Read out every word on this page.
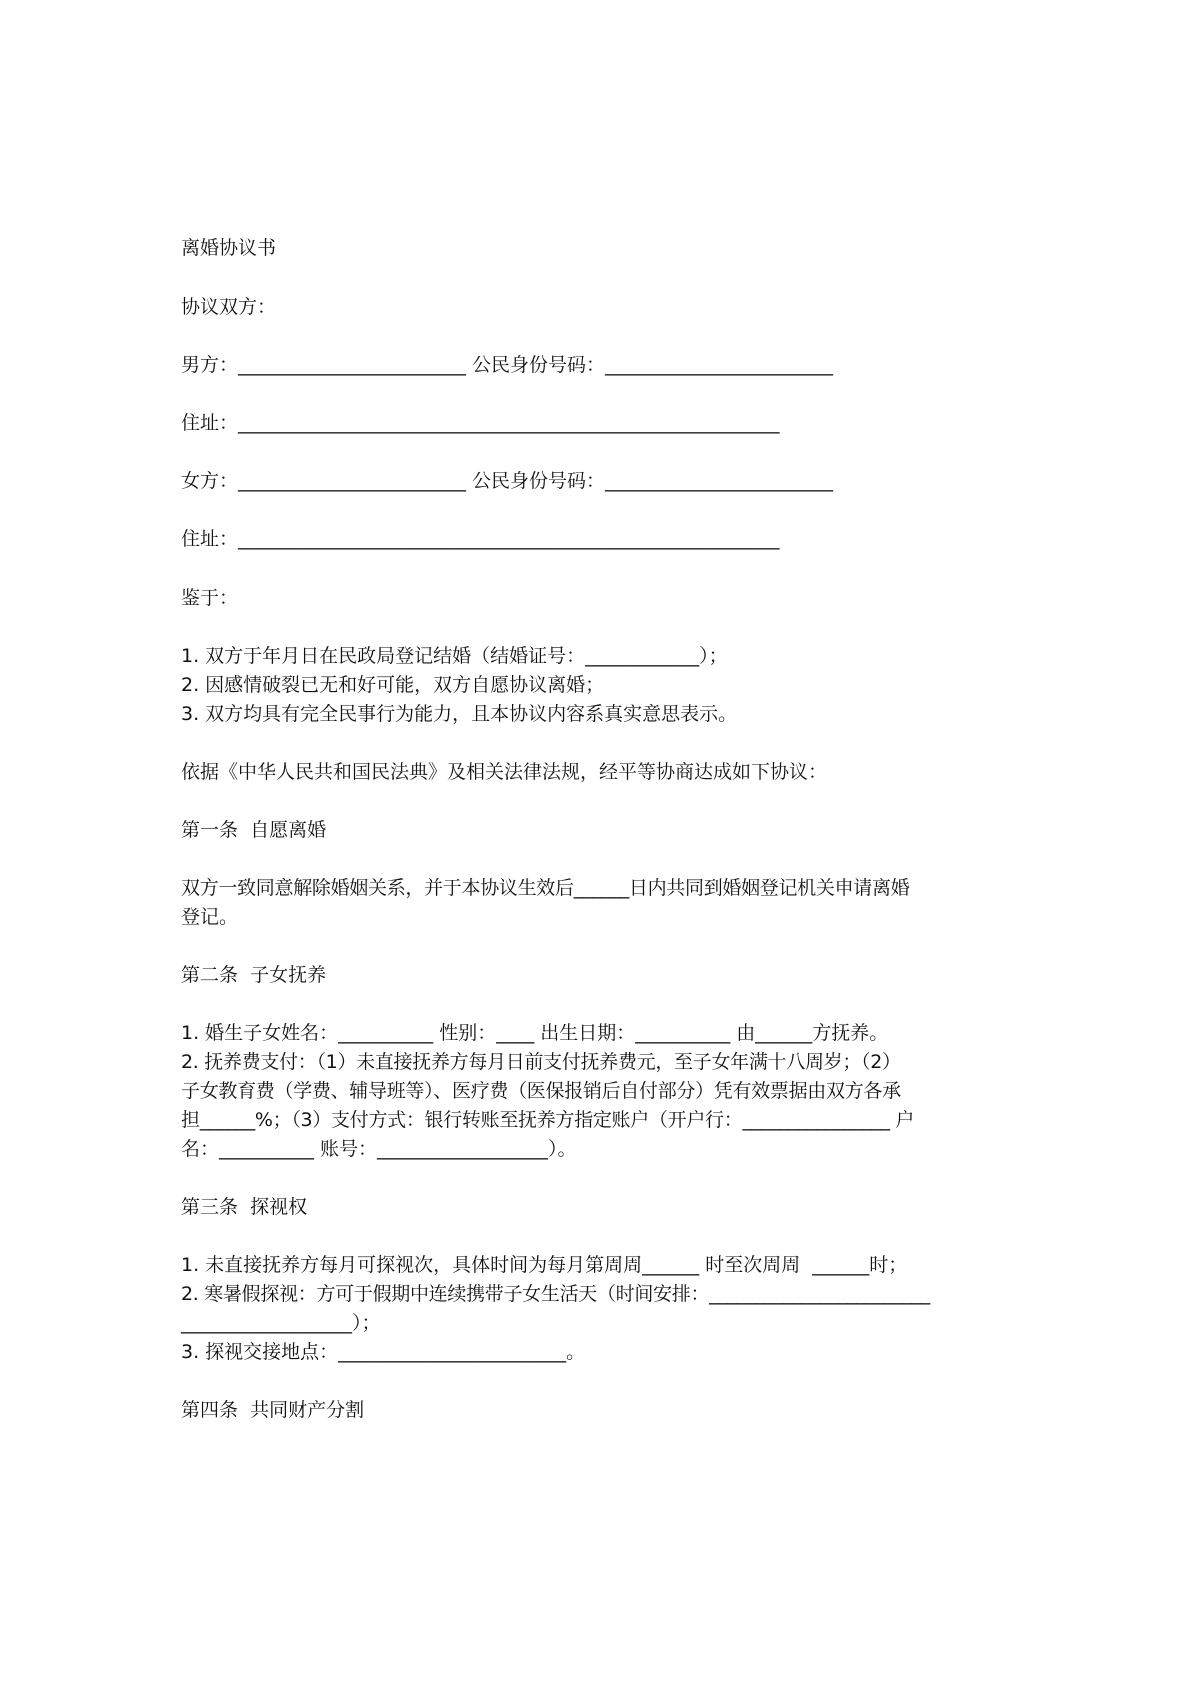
离婚协议书

协议双方：

男方：________________________ 公民身份号码：________________________

住址：_________________________________________________________

女方：________________________ 公民身份号码：________________________

住址：_________________________________________________________

鉴于：

1. 双方于年月日在民政局登记结婚（结婚证号：____________）；

2. 因感情破裂已无和好可能，双方自愿协议离婚；

3. 双方均具有完全民事行为能力，且本协议内容系真实意思表示。

依据《中华人民共和国民法典》及相关法律法规，经平等协商达成如下协议：

第一条  自愿离婚

双方一致同意解除婚姻关系，并于本协议生效后______日内共同到婚姻登记机关申请离婚

登记。

第二条  子女抚养

1. 婚生子女姓名：__________ 性别：____ 出生日期：__________ 由______方抚养。

2. 抚养费支付：（1）未直接抚养方每月日前支付抚养费元，至子女年满十八周岁；（2）

子女教育费（学费、辅导班等）、医疗费（医保报销后自付部分）凭有效票据由双方各承

担______%；（3）支付方式：银行转账至抚养方指定账户（开户行：________________ 户

名：__________ 账号：__________________）。

第三条  探视权

1. 未直接抚养方每月可探视次，具体时间为每月第周周______ 时至次周周  ______时；

2. 寒暑假探视：方可于假期中连续携带子女生活天（时间安排：________________________

__________________）；

3. 探视交接地点：________________________。

第四条  共同财产分割
